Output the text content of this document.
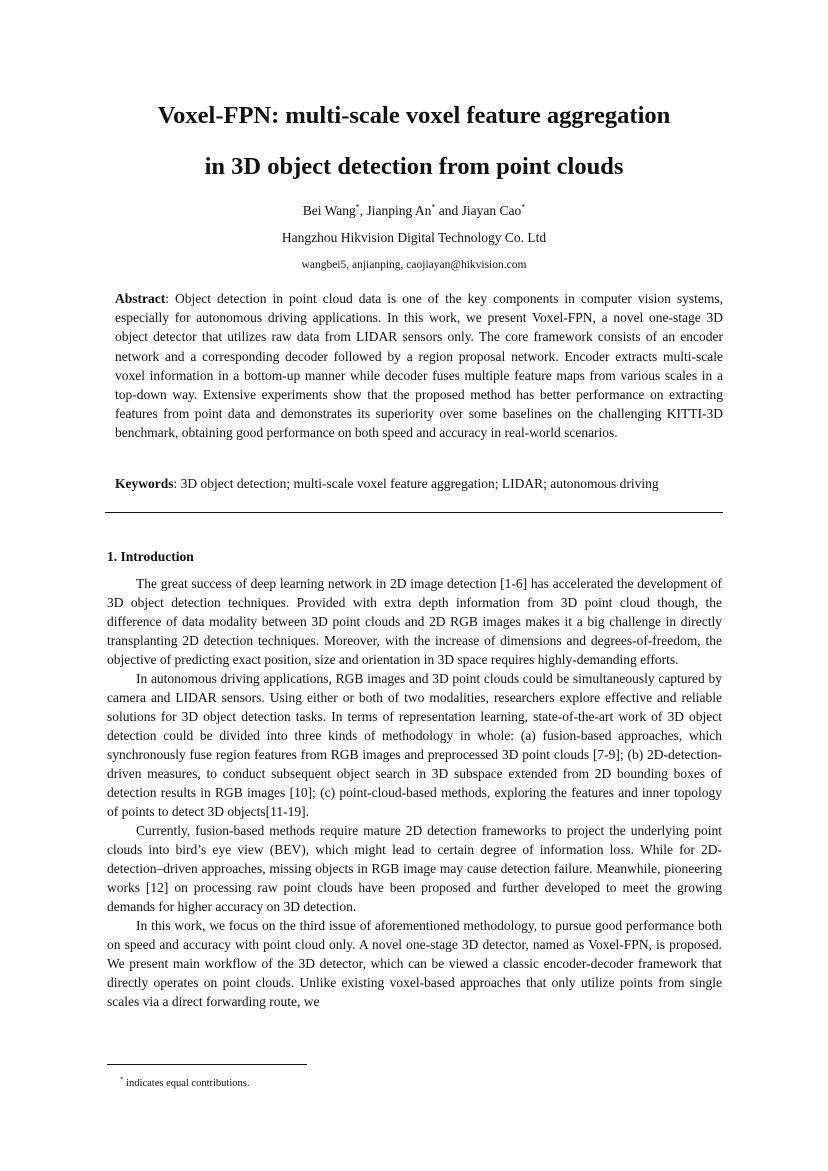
Voxel-FPN: multi-scale voxel feature aggregation
in 3D object detection from point clouds
Bei Wang*, Jianping An* and Jiayan Cao*
Hangzhou Hikvision Digital Technology Co. Ltd
wangbei5, anjianping, caojiayan@hikvision.com
Abstract: Object detection in point cloud data is one of the key components in computer vision systems, especially for autonomous driving applications. In this work, we present Voxel-FPN, a novel one-stage 3D object detector that utilizes raw data from LIDAR sensors only. The core framework consists of an encoder network and a corresponding decoder followed by a region proposal network. Encoder extracts multi-scale voxel information in a bottom-up manner while decoder fuses multiple feature maps from various scales in a top-down way. Extensive experiments show that the proposed method has better performance on extracting features from point data and demonstrates its superiority over some baselines on the challenging KITTI-3D benchmark, obtaining good performance on both speed and accuracy in real-world scenarios.
Keywords: 3D object detection; multi-scale voxel feature aggregation; LIDAR; autonomous driving
1. Introduction

The great success of deep learning network in 2D image detection [1-6] has accelerated the development of 3D object detection techniques. Provided with extra depth information from 3D point cloud though, the difference of data modality between 3D point clouds and 2D RGB images makes it a big challenge in directly transplanting 2D detection techniques. Moreover, with the increase of dimensions and degrees-of-freedom, the objective of predicting exact position, size and orientation in 3D space requires highly-demanding efforts.

In autonomous driving applications, RGB images and 3D point clouds could be simultaneously captured by camera and LIDAR sensors. Using either or both of two modalities, researchers explore effective and reliable solutions for 3D object detection tasks. In terms of representation learning, state-of-the-art work of 3D object detection could be divided into three kinds of methodology in whole: (a) fusion-based approaches, which synchronously fuse region features from RGB images and preprocessed 3D point clouds [7-9]; (b) 2D-detection-driven measures, to conduct subsequent object search in 3D subspace extended from 2D bounding boxes of detection results in RGB images [10]; (c) point-cloud-based methods, exploring the features and inner topology of points to detect 3D objects[11-19].

Currently, fusion-based methods require mature 2D detection frameworks to project the underlying point clouds into bird’s eye view (BEV), which might lead to certain degree of information loss. While for 2D-detection–driven approaches, missing objects in RGB image may cause detection failure. Meanwhile, pioneering works [12] on processing raw point clouds have been proposed and further developed to meet the growing demands for higher accuracy on 3D detection.

In this work, we focus on the third issue of aforementioned methodology, to pursue good performance both on speed and accuracy with point cloud only. A novel one-stage 3D detector, named as Voxel-FPN, is proposed. We present main workflow of the 3D detector, which can be viewed a classic encoder-decoder framework that directly operates on point clouds. Unlike existing voxel-based approaches that only utilize points from single scales via a direct forwarding route, we

* indicates equal contributions.
